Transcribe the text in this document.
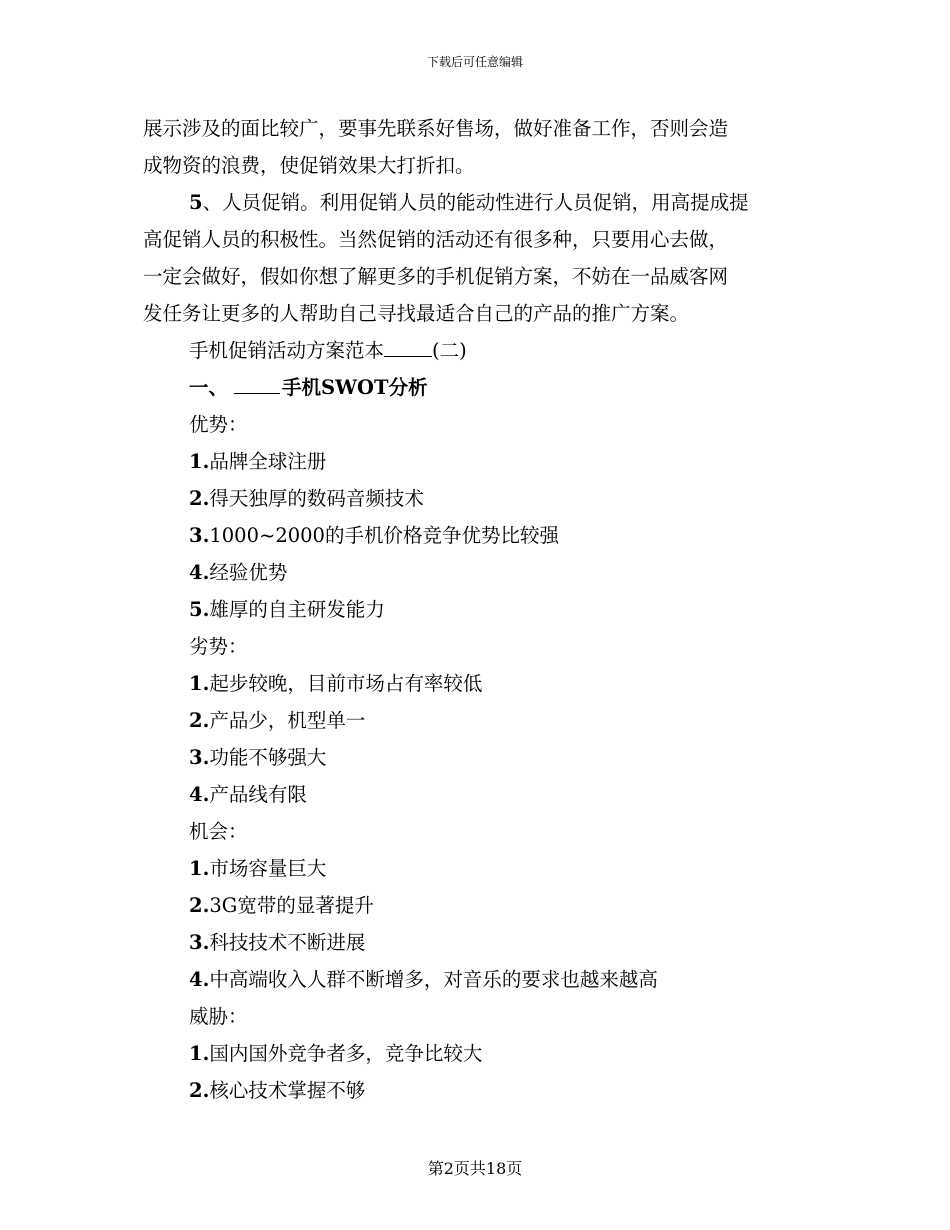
下载后可任意编辑
展示涉及的面比较广，要事先联系好售场，做好准备工作，否则会造
成物资的浪费，使促销效果大打折扣。
5、人员促销。利用促销人员的能动性进行人员促销，用高提成提
高促销人员的积极性。当然促销的活动还有很多种，只要用心去做，
一定会做好，假如你想了解更多的手机促销方案，不妨在一品威客网
发任务让更多的人帮助自己寻找最适合自己的产品的推广方案。
手机促销活动方案范本 (二)
一、	手机SWOT分析
优势：
1.品牌全球注册
2.得天独厚的数码音频技术
3.1000~2000的手机价格竞争优势比较强
4.经验优势
5.雄厚的自主研发能力
劣势：
1.起步较晚，目前市场占有率较低
2.产品少，机型单一
3.功能不够强大
4.产品线有限
机会：
1.市场容量巨大
2.3G宽带的显著提升
3.科技技术不断进展
4.中高端收入人群不断增多，对音乐的要求也越来越高
威胁：
1.国内国外竞争者多，竞争比较大
2.核心技术掌握不够
第2页共18页
